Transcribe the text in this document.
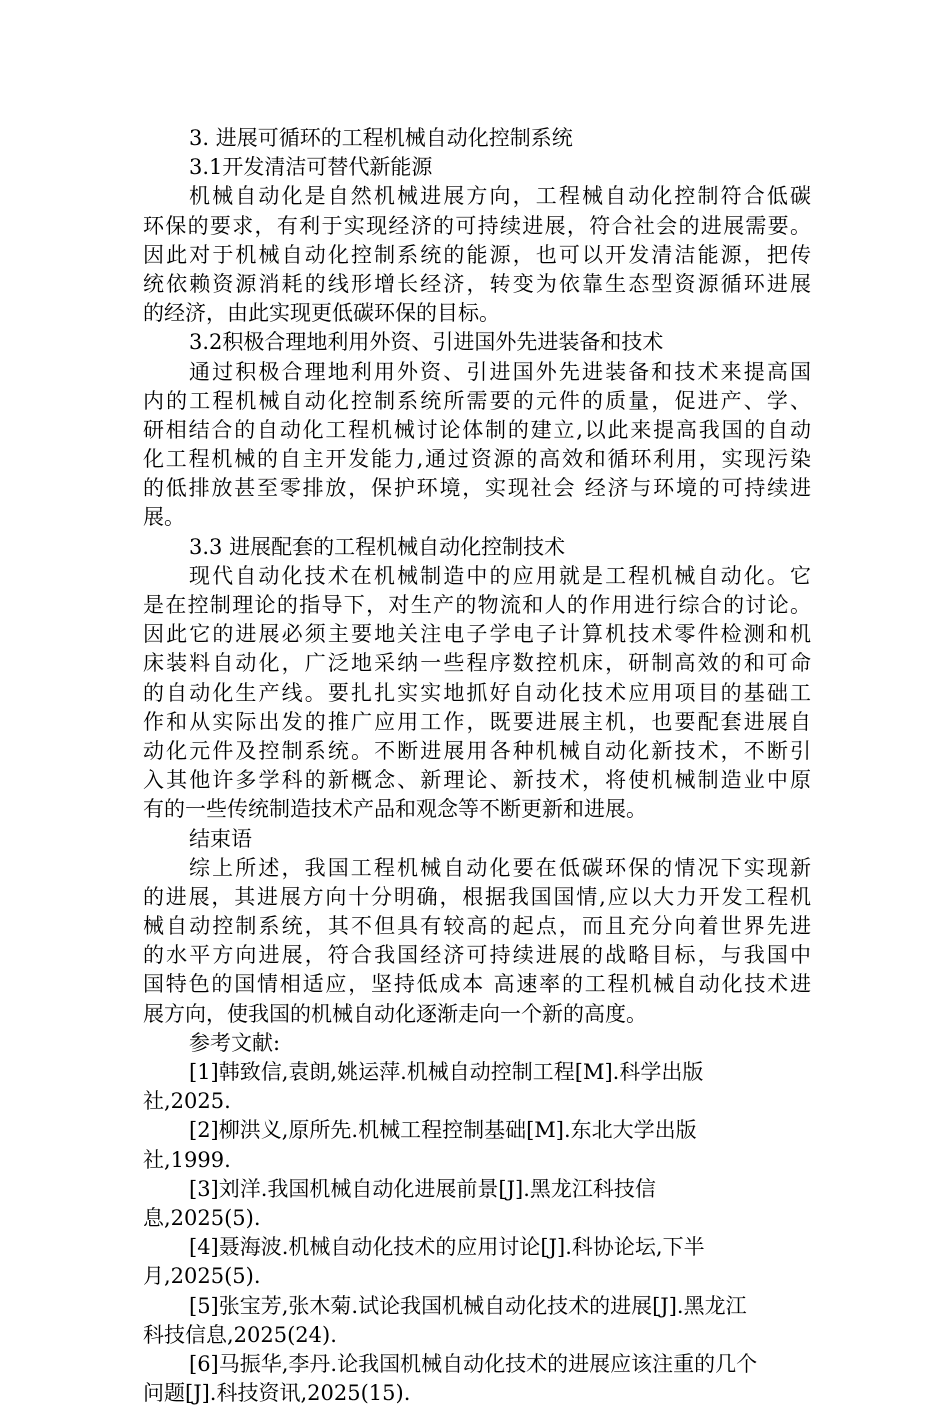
3. 进展可循环的工程机械自动化控制系统
3.1开发清洁可替代新能源
机械自动化是自然机械进展方向，工程械自动化控制符合低碳
环保的要求，有利于实现经济的可持续进展，符合社会的进展需要。
因此对于机械自动化控制系统的能源，也可以开发清洁能源，把传
统依赖资源消耗的线形增长经济，转变为依靠生态型资源循环进展
的经济，由此实现更低碳环保的目标。
3.2积极合理地利用外资、引进国外先进装备和技术
通过积极合理地利用外资、引进国外先进装备和技术来提高国
内的工程机械自动化控制系统所需要的元件的质量，促进产、学、
研相结合的自动化工程机械讨论体制的建立,以此来提高我国的自动
化工程机械的自主开发能力,通过资源的高效和循环利用，实现污染
的低排放甚至零排放，保护环境，实现社会 经济与环境的可持续进
展。
3.3 进展配套的工程机械自动化控制技术
现代自动化技术在机械制造中的应用就是工程机械自动化。它
是在控制理论的指导下，对生产的物流和人的作用进行综合的讨论。
因此它的进展必须主要地关注电子学电子计算机技术零件检测和机
床装料自动化，广泛地采纳一些程序数控机床，研制高效的和可命
的自动化生产线。要扎扎实实地抓好自动化技术应用项目的基础工
作和从实际出发的推广应用工作，既要进展主机，也要配套进展自
动化元件及控制系统。不断进展用各种机械自动化新技术，不断引
入其他许多学科的新概念、新理论、新技术，将使机械制造业中原
有的一些传统制造技术产品和观念等不断更新和进展。
结束语
综上所述，我国工程机械自动化要在低碳环保的情况下实现新
的进展，其进展方向十分明确，根据我国国情,应以大力开发工程机
械自动控制系统，其不但具有较高的起点，而且充分向着世界先进
的水平方向进展，符合我国经济可持续进展的战略目标，与我国中
国特色的国情相适应，坚持低成本 高速率的工程机械自动化技术进
展方向，使我国的机械自动化逐渐走向一个新的高度。
参考文献:
[1]韩致信,袁朗,姚运萍.机械自动控制工程[M].科学出版
社,2025.
[2]柳洪义,原所先.机械工程控制基础[M].东北大学出版
社,1999.
[3]刘洋.我国机械自动化进展前景[J].黑龙江科技信
息,2025(5).
[4]聂海波.机械自动化技术的应用讨论[J].科协论坛,下半
月,2025(5).
[5]张宝芳,张木菊.试论我国机械自动化技术的进展[J].黑龙江
科技信息,2025(24).
[6]马振华,李丹.论我国机械自动化技术的进展应该注重的几个
问题[J].科技资讯,2025(15).
